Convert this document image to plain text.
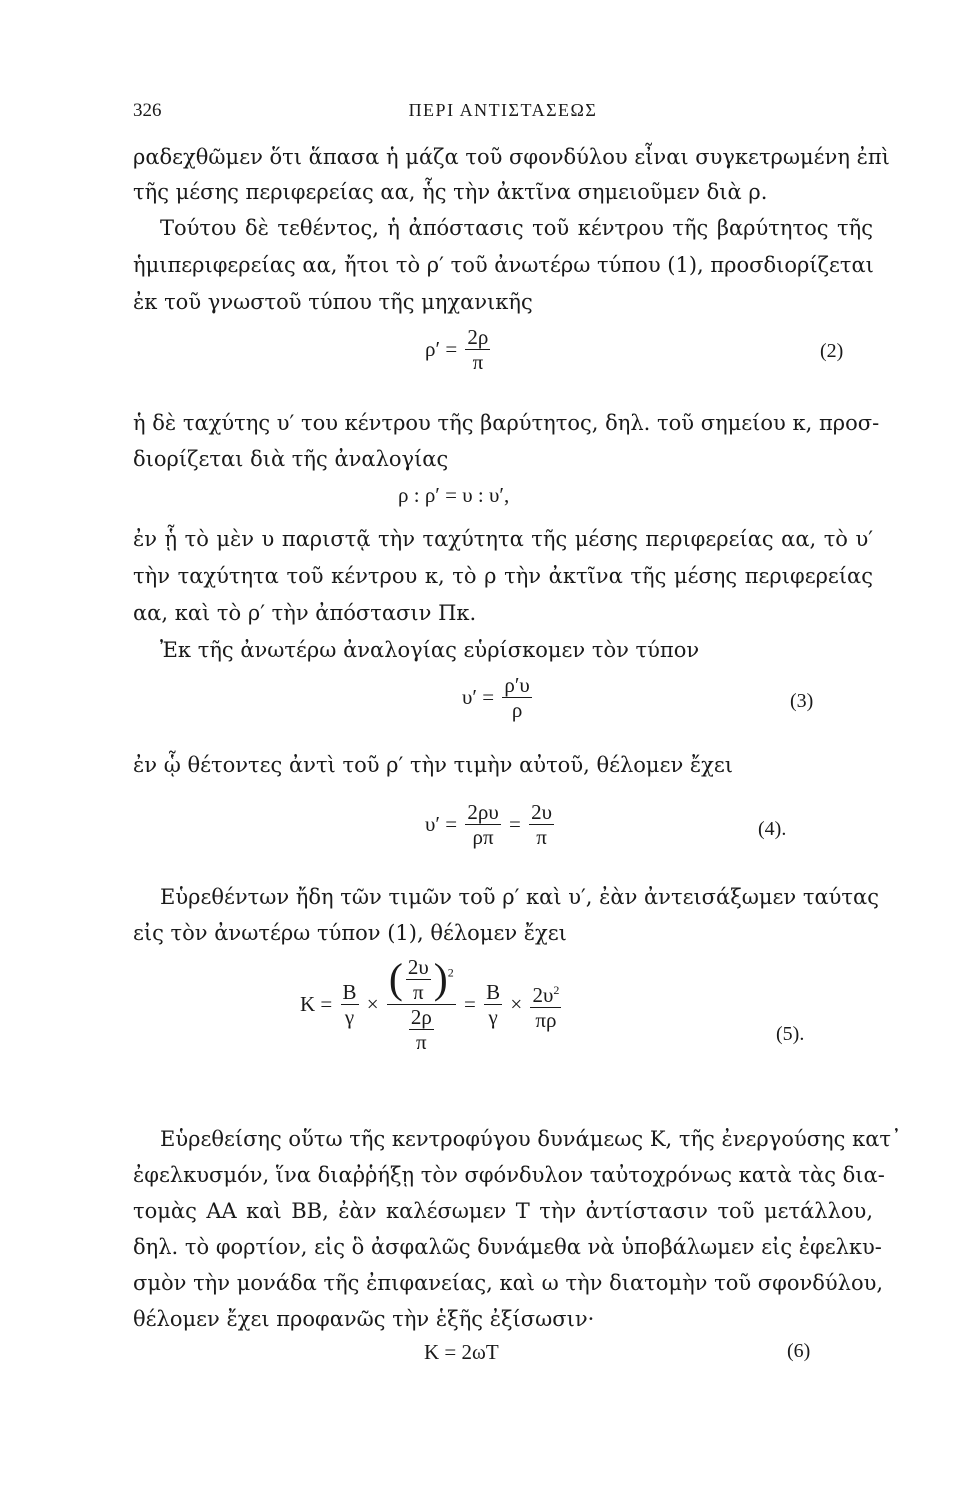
326	ΠΕΡΙ ΑΝΤΙΣΤΑΣΕΩΣ
ραδεχθῶμεν ὅτι ἅπασα ἡ μάζα τοῦ σφονδύλου εἶναι συγκετρωμένη ἐπὶ
τῆς μέσης περιφερείας αα, ἧς τὴν ἀκτῖνα σημειοῦμεν διὰ ρ.
Τούτου δὲ τεθέντος, ἡ ἀπόστασις τοῦ κέντρου τῆς βαρύτητος τῆς
ἡμιπεριφερείας αα, ἤτοι τὸ ρ′ τοῦ ἀνωτέρω τύπου (1), προσδιορίζεται
ἐκ τοῦ γνωστοῦ τύπου τῆς μηχανικῆς
$\rho' = \frac{2\rho}{\pi}$	(2)
ἡ δὲ ταχύτης υ′ του κέντρου τῆς βαρύτητος, δηλ. τοῦ σημείου κ, προσ-
διορίζεται διὰ τῆς ἀναλογίας
ρ : ρ′ = υ : υ′,
ἐν ᾗ τὸ μὲν υ παριστᾷ τὴν ταχύτητα τῆς μέσης περιφερείας αα, τὸ υ′
τὴν ταχύτητα τοῦ κέντρου κ, τὸ ρ τὴν ἀκτῖνα τῆς μέσης περιφερείας
αα, καὶ τὸ ρ′ τὴν ἀπόστασιν Πκ.
Ἐκ τῆς ἀνωτέρω ἀναλογίας εὑρίσκομεν τὸν τύπον
$\upsilon' = \frac{\rho'\upsilon}{\rho}$	(3)
ἐν ᾧ θέτοντες ἀντὶ τοῦ ρ′ τὴν τιμὴν αὐτοῦ, θέλομεν ἔχει
$\upsilon' = \frac{2\rho\upsilon}{\rho\pi} = \frac{2\upsilon}{\pi}$	(4).
Εὑρεθέντων ἤδη τῶν τιμῶν τοῦ ρ′ καὶ υ′, ἐὰν ἀντεισάξωμεν ταύτας
εἰς τὸν ἀνωτέρω τύπον (1), θέλομεν ἔχει
$K = \frac{B}{\gamma} \times \frac{( \frac{2\upsilon}{\pi} )^2}{\frac{2\rho}{\pi}} = \frac{B}{\gamma} \times \frac{2\upsilon^2}{\pi\rho}$
(5).
Εὑρεθείσης οὕτω τῆς κεντροφύγου δυνάμεως K, τῆς ἐνεργούσης κατ᾽
ἐφελκυσμόν, ἵνα διαῤῥήξῃ τὸν σφόνδυλον ταὐτοχρόνως κατὰ τὰς δια-
τομὰς AA καὶ BB, ἐὰν καλέσωμεν T τὴν ἀντίστασιν τοῦ μετάλλου,
δηλ. τὸ φορτίον, εἰς ὃ ἀσφαλῶς δυνάμεθα νὰ ὑποβάλωμεν εἰς ἐφελκυ-
σμὸν τὴν μονάδα τῆς ἐπιφανείας, καὶ ω τὴν διατομὴν τοῦ σφονδύλου,
θέλομεν ἔχει προφανῶς τὴν ἑξῆς ἐξίσωσιν·
K = 2ωT	(6)
